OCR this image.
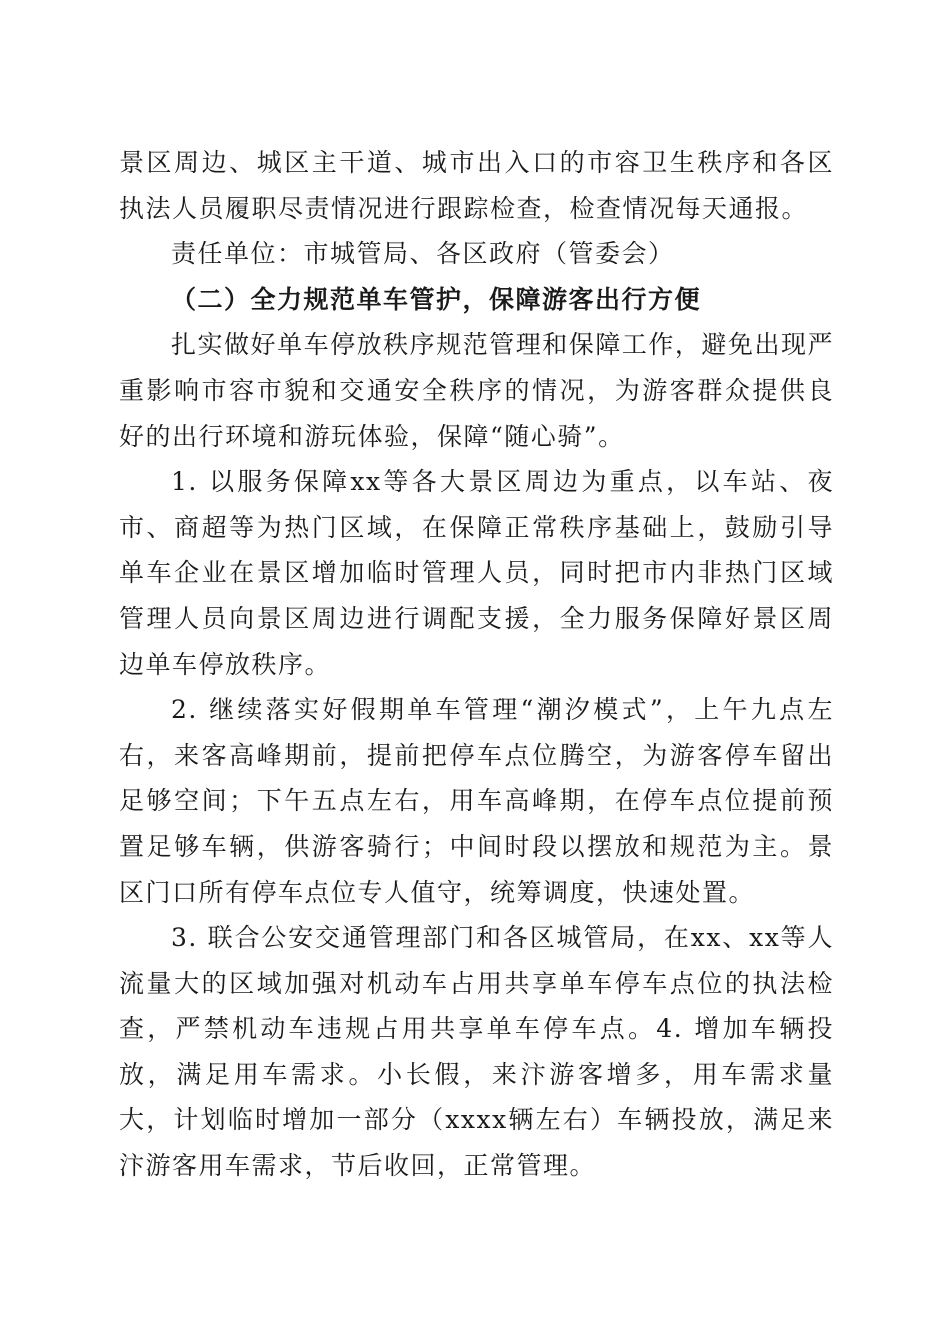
景区周边、城区主干道、城市出入口的市容卫生秩序和各区执法人员履职尽责情况进行跟踪检查，检查情况每天通报。

责任单位：市城管局、各区政府（管委会）

（二）全力规范单车管护，保障游客出行方便

扎实做好单车停放秩序规范管理和保障工作，避免出现严重影响市容市貌和交通安全秩序的情况，为游客群众提供良好的出行环境和游玩体验，保障“随心骑”。

1. 以服务保障xx等各大景区周边为重点，以车站、夜市、商超等为热门区域，在保障正常秩序基础上，鼓励引导单车企业在景区增加临时管理人员，同时把市内非热门区域管理人员向景区周边进行调配支援，全力服务保障好景区周边单车停放秩序。

2. 继续落实好假期单车管理“潮汐模式”，上午九点左右，来客高峰期前，提前把停车点位腾空，为游客停车留出足够空间；下午五点左右，用车高峰期，在停车点位提前预置足够车辆，供游客骑行；中间时段以摆放和规范为主。景区门口所有停车点位专人值守，统筹调度，快速处置。

3. 联合公安交通管理部门和各区城管局，在xx、xx等人流量大的区域加强对机动车占用共享单车停车点位的执法检查，严禁机动车违规占用共享单车停车点。4. 增加车辆投放，满足用车需求。小长假，来汴游客增多，用车需求量大，计划临时增加一部分（xxxx辆左右）车辆投放，满足来汴游客用车需求，节后收回，正常管理。
